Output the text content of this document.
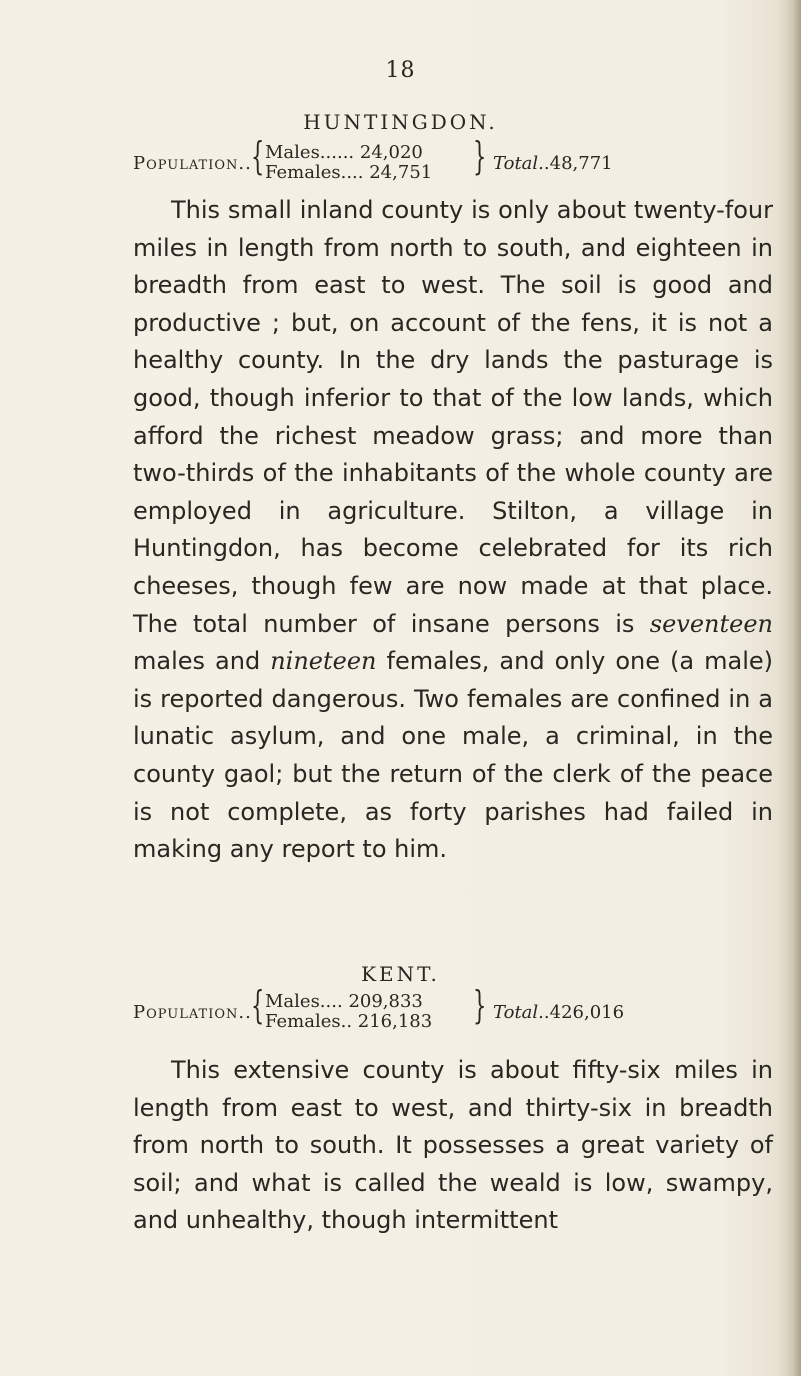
18
HUNTINGDON.
Population.. { Males...... 24,020
Females.... 24,751 } Total..48,771

This small inland county is only about twenty-four miles in length from north to south, and eighteen in breadth from east to west. The soil is good and productive ; but, on account of the fens, it is not a healthy county. In the dry lands the pasturage is good, though inferior to that of the low lands, which afford the richest meadow grass; and more than two-thirds of the inhabitants of the whole county are employed in agriculture. Stilton, a village in Huntingdon, has become celebrated for its rich cheeses, though few are now made at that place. The total number of insane persons is seventeen males and nineteen females, and only one (a male) is reported dangerous. Two females are confined in a lunatic asylum, and one male, a criminal, in the county gaol; but the return of the clerk of the peace is not complete, as forty parishes had failed in making any report to him.

KENT.
Population.. { Males.... 209,833
Females.. 216,183 } Total..426,016

This extensive county is about fifty-six miles in length from east to west, and thirty-six in breadth from north to south. It possesses a great variety of soil; and what is called the weald is low, swampy, and unhealthy, though intermittent
